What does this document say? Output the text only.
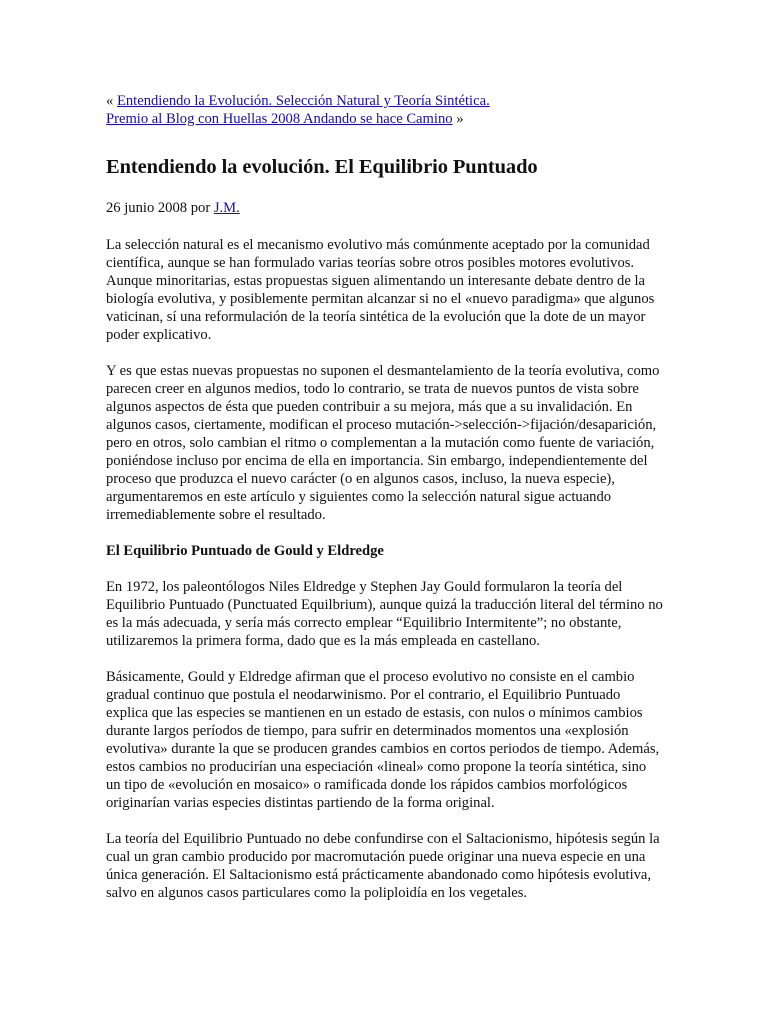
« Entendiendo la Evolución. Selección Natural y Teoría Sintética.
Premio al Blog con Huellas 2008 Andando se hace Camino »
Entendiendo la evolución. El Equilibrio Puntuado
26 junio 2008 por J.M.

La selección natural es el mecanismo evolutivo más comúnmente aceptado por la comunidad científica, aunque se han formulado varias teorías sobre otros posibles motores evolutivos. Aunque minoritarias, estas propuestas siguen alimentando un interesante debate dentro de la biología evolutiva, y posiblemente permitan alcanzar si no el «nuevo paradigma» que algunos vaticinan, sí una reformulación de la teoría sintética de la evolución que la dote de un mayor poder explicativo.

Y es que estas nuevas propuestas no suponen el desmantelamiento de la teoría evolutiva, como parecen creer en algunos medios, todo lo contrario, se trata de nuevos puntos de vista sobre algunos aspectos de ésta que pueden contribuir a su mejora, más que a su invalidación. En algunos casos, ciertamente, modifican el proceso mutación->selección->fijación/desaparición, pero en otros, solo cambian el ritmo o complementan a la mutación como fuente de variación, poniéndose incluso por encima de ella en importancia. Sin embargo, independientemente del proceso que produzca el nuevo carácter (o en algunos casos, incluso, la nueva especie), argumentaremos en este artículo y siguientes como la selección natural sigue actuando irremediablemente sobre el resultado.

El Equilibrio Puntuado de Gould y Eldredge

En 1972, los paleontólogos Niles Eldredge y Stephen Jay Gould formularon la teoría del Equilibrio Puntuado (Punctuated Equilbrium), aunque quizá la traducción literal del término no es la más adecuada, y sería más correcto emplear “Equilibrio Intermitente”; no obstante, utilizaremos la primera forma, dado que es la más empleada en castellano.

Básicamente, Gould y Eldredge afirman que el proceso evolutivo no consiste en el cambio gradual continuo que postula el neodarwinismo. Por el contrario, el Equilibrio Puntuado explica que las especies se mantienen en un estado de estasis, con nulos o mínimos cambios durante largos períodos de tiempo, para sufrir en determinados momentos una «explosión evolutiva» durante la que se producen grandes cambios en cortos periodos de tiempo. Además, estos cambios no producirían una especiación «lineal» como propone la teoría sintética, sino un tipo de «evolución en mosaico» o ramificada donde los rápidos cambios morfológicos originarían varias especies distintas partiendo de la forma original.

La teoría del Equilibrio Puntuado no debe confundirse con el Saltacionismo, hipótesis según la cual un gran cambio producido por macromutación puede originar una nueva especie en una única generación. El Saltacionismo está prácticamente abandonado como hipótesis evolutiva, salvo en algunos casos particulares como la poliploidía en los vegetales.
